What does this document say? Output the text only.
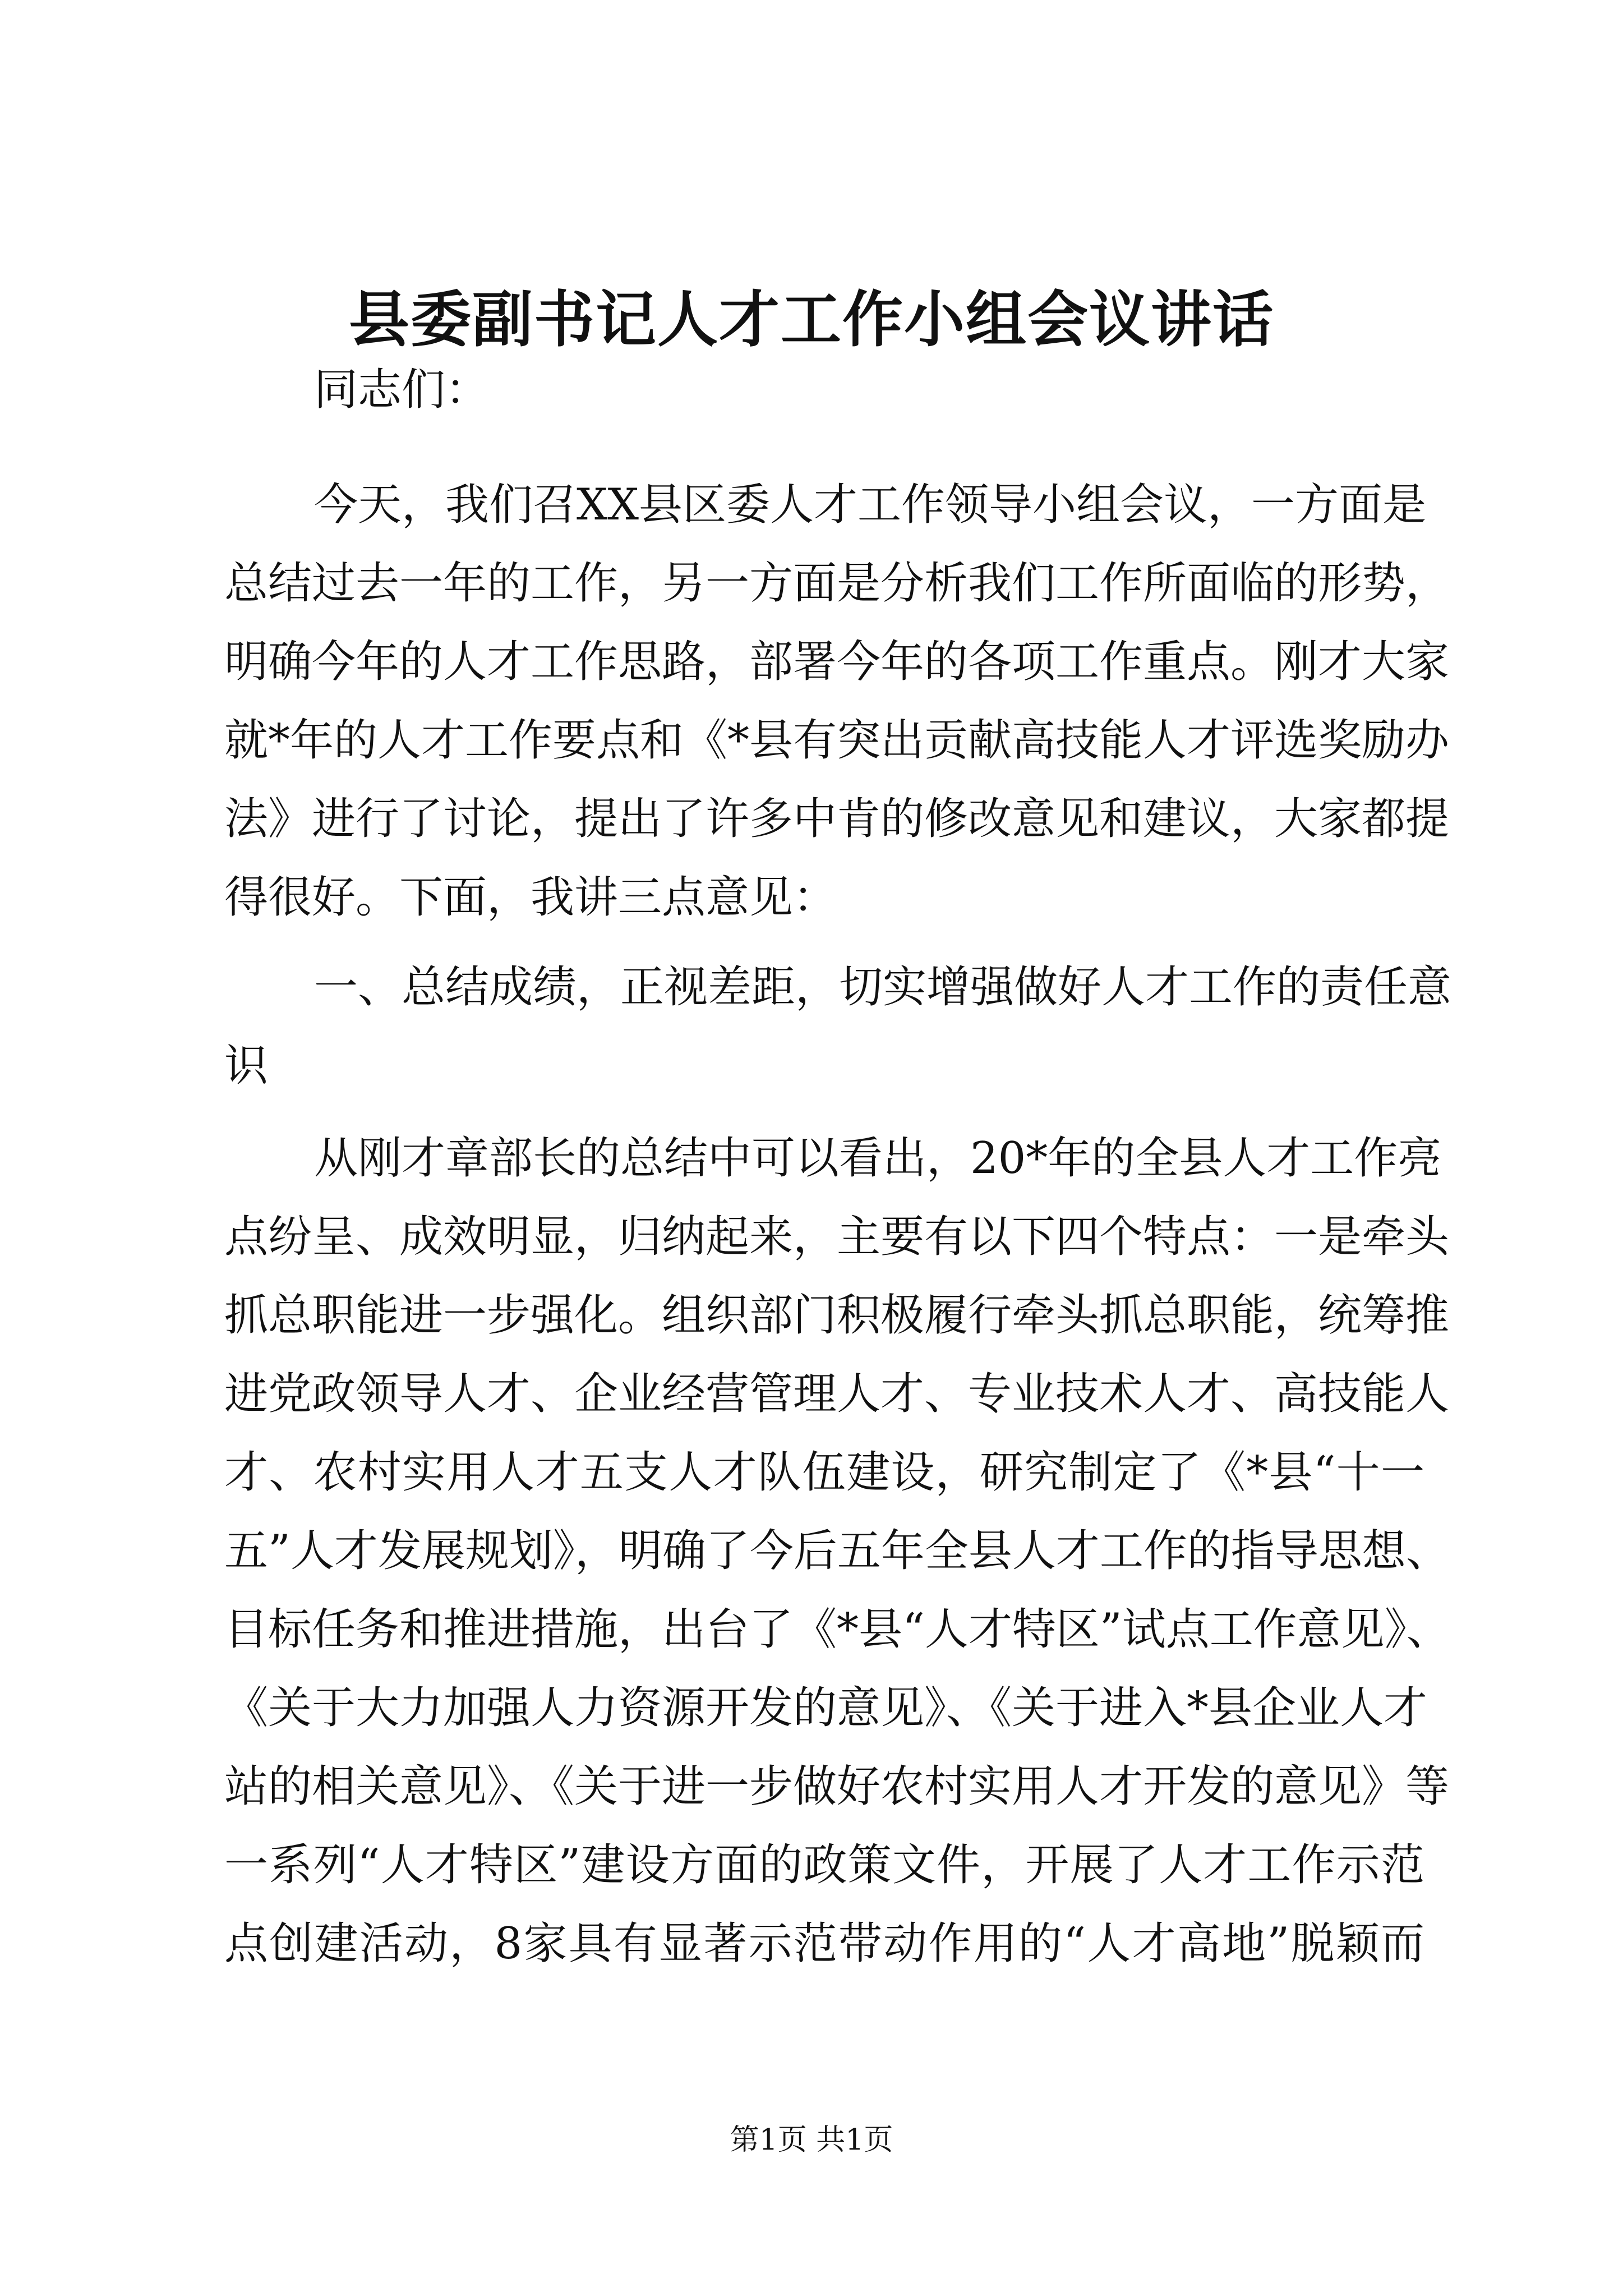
县委副书记人才工作小组会议讲话

同志们：

今天，我们召XX县区委人才工作领导小组会议，一方面是

总结过去一年的工作，另一方面是分析我们工作所面临的形势，

明确今年的人才工作思路，部署今年的各项工作重点。刚才大家

就*年的人才工作要点和《*县有突出贡献高技能人才评选奖励办

法》进行了讨论，提出了许多中肯的修改意见和建议，大家都提

得很好。下面，我讲三点意见：

一、总结成绩，正视差距，切实增强做好人才工作的责任意

识

从刚才章部长的总结中可以看出，20*年的全县人才工作亮

点纷呈、成效明显，归纳起来，主要有以下四个特点：一是牵头

抓总职能进一步强化。组织部门积极履行牵头抓总职能，统筹推

进党政领导人才、企业经营管理人才、专业技术人才、高技能人

才、农村实用人才五支人才队伍建设，研究制定了《*县“十一

五”人才发展规划》，明确了今后五年全县人才工作的指导思想、

目标任务和推进措施，出台了《*县“人才特区”试点工作意见》、

《关于大力加强人力资源开发的意见》、《关于进入*县企业人才

站的相关意见》、《关于进一步做好农村实用人才开发的意见》等

一系列“人才特区”建设方面的政策文件，开展了人才工作示范

点创建活动，8家具有显著示范带动作用的“人才高地”脱颖而

第1页 共1页
